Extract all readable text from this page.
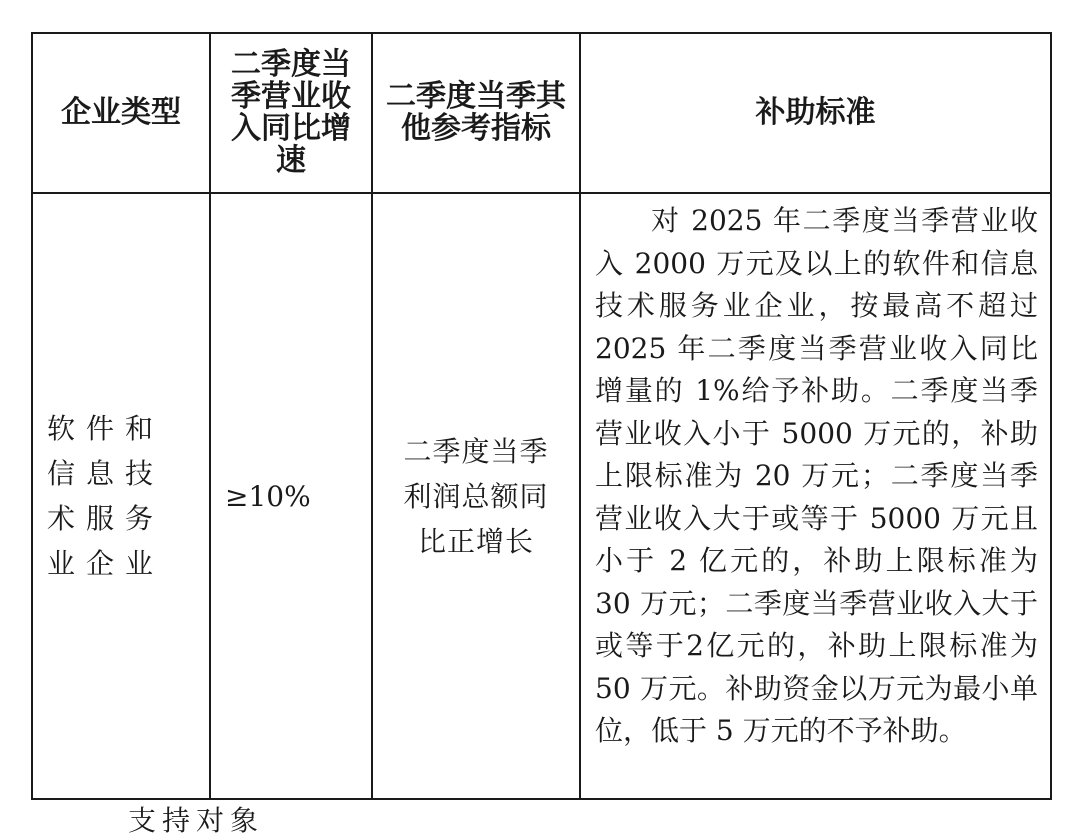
企业类型	二季度当季营业收入同比增速	二季度当季其他参考指标	补助标准

软件和信息技术服务业企业	≥10%	二季度当季利润总额同比正增长	对 2025 年二季度当季营业收入 2000 万元及以上的软件和信息技术服务业企业，按最高不超过 2025 年二季度当季营业收入同比增量的 1%给予补助。二季度当季营业收入小于 5000 万元的，补助上限标准为 20 万元；二季度当季营业收入大于或等于 5000 万元且小于 2 亿元的，补助上限标准为 30 万元；二季度当季营业收入大于或等于2亿元的，补助上限标准为 50 万元。补助资金以万元为最小单位，低于 5 万元的不予补助。
支持对象
